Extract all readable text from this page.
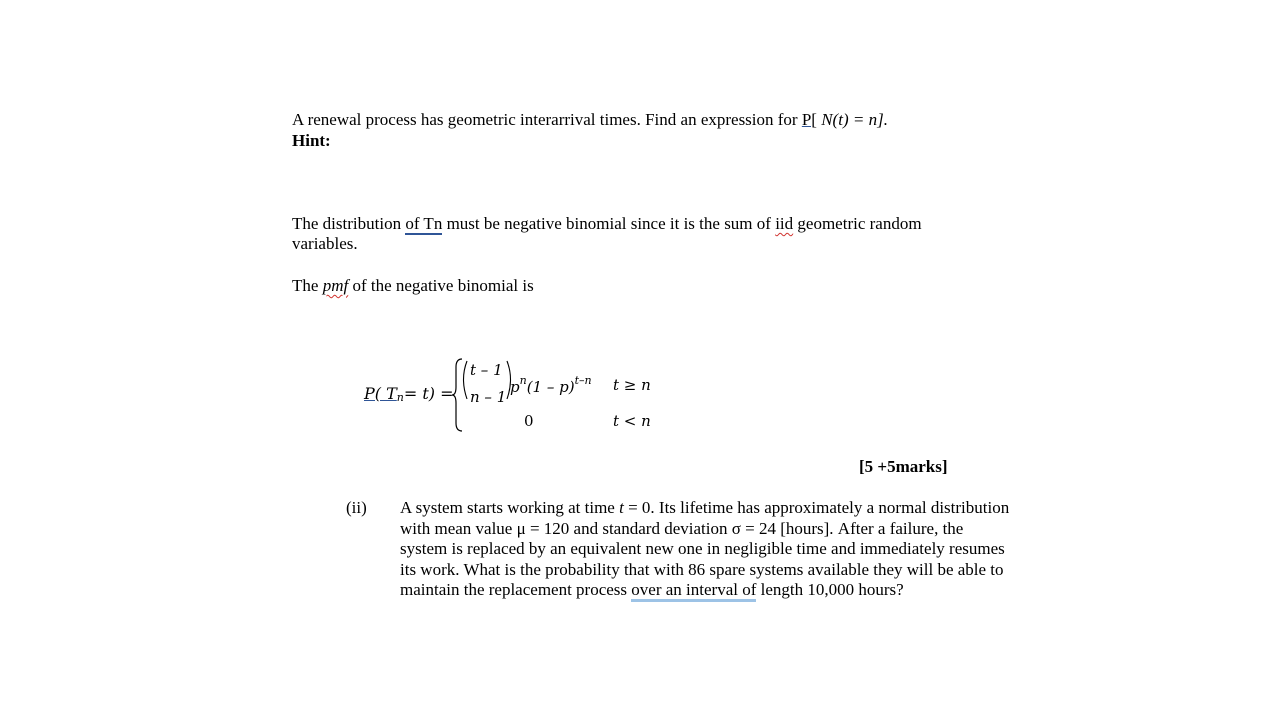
A renewal process has geometric interarrival times. Find an expression for P[ N(t) = n].
Hint:
The distribution of Tn must be negative binomial since it is the sum of iid geometric random
variables.
The pmf of the negative binomial is
P( Tn= t) =
t – 1
n – 1
$p^n(1 - p)^{t-n}$ t ≥ n
0	t < n
[5 +5marks]
(ii) A system starts working at time t = 0. Its lifetime has approximately a normal distribution with mean value μ = 120 and standard deviation σ = 24 [hours]. After a failure, the system is replaced by an equivalent new one in negligible time and immediately resumes its work. What is the probability that with 86 spare systems available they will be able to maintain the replacement process over an interval of length 10,000 hours?
